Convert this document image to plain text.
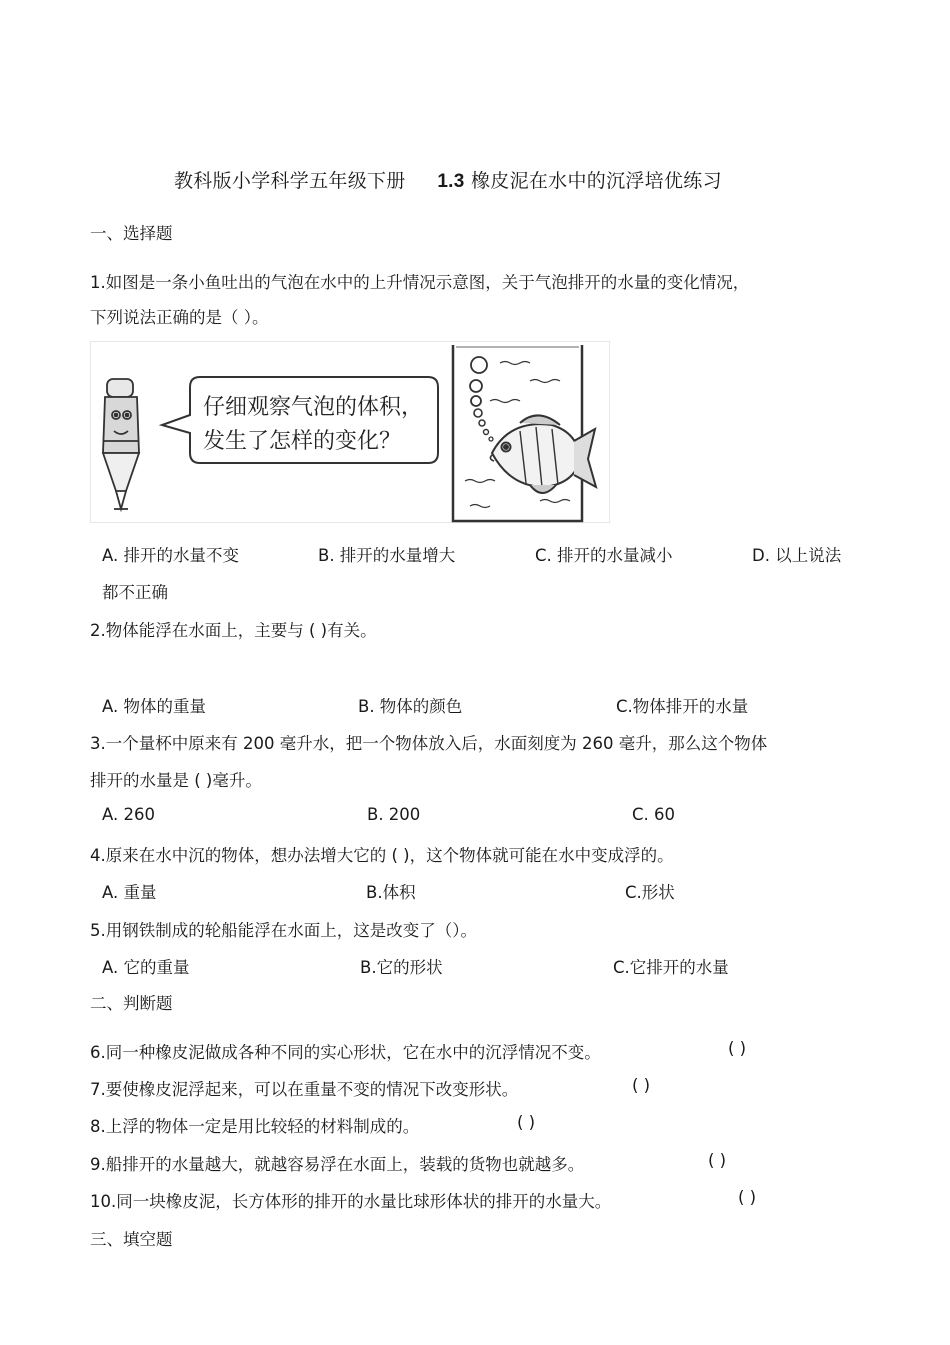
教科版小学科学五年级下册 1.3 橡皮泥在水中的沉浮培优练习
一、选择题
1.如图是一条小鱼吐出的气泡在水中的上升情况示意图，关于气泡排开的水量的变化情况，
下列说法正确的是（ ）。
仔细观察气泡的体积，
发生了怎样的变化？
A. 排开的水量不变	B. 排开的水量增大	C. 排开的水量减小	D. 以上说法
都不正确
2.物体能浮在水面上，主要与 ( )有关。
A. 物体的重量	B. 物体的颜色	C.物体排开的水量
3.一个量杯中原来有 200 毫升水，把一个物体放入后，水面刻度为 260 毫升，那么这个物体
排开的水量是 ( )毫升。
A. 260	B. 200	C. 60
4.原来在水中沉的物体，想办法增大它的 ( )，这个物体就可能在水中变成浮的。
A. 重量	B.体积	C.形状
5.用钢铁制成的轮船能浮在水面上，这是改变了（）。
A. 它的重量	B.它的形状	C.它排开的水量
二、判断题
6.同一种橡皮泥做成各种不同的实心形状，它在水中的沉浮情况不变。	( )
7.要使橡皮泥浮起来，可以在重量不变的情况下改变形状。	( )
8.上浮的物体一定是用比较轻的材料制成的。	( )
9.船排开的水量越大，就越容易浮在水面上，装载的货物也就越多。	( )
10.同一块橡皮泥，长方体形的排开的水量比球形体状的排开的水量大。	( )
三、填空题
